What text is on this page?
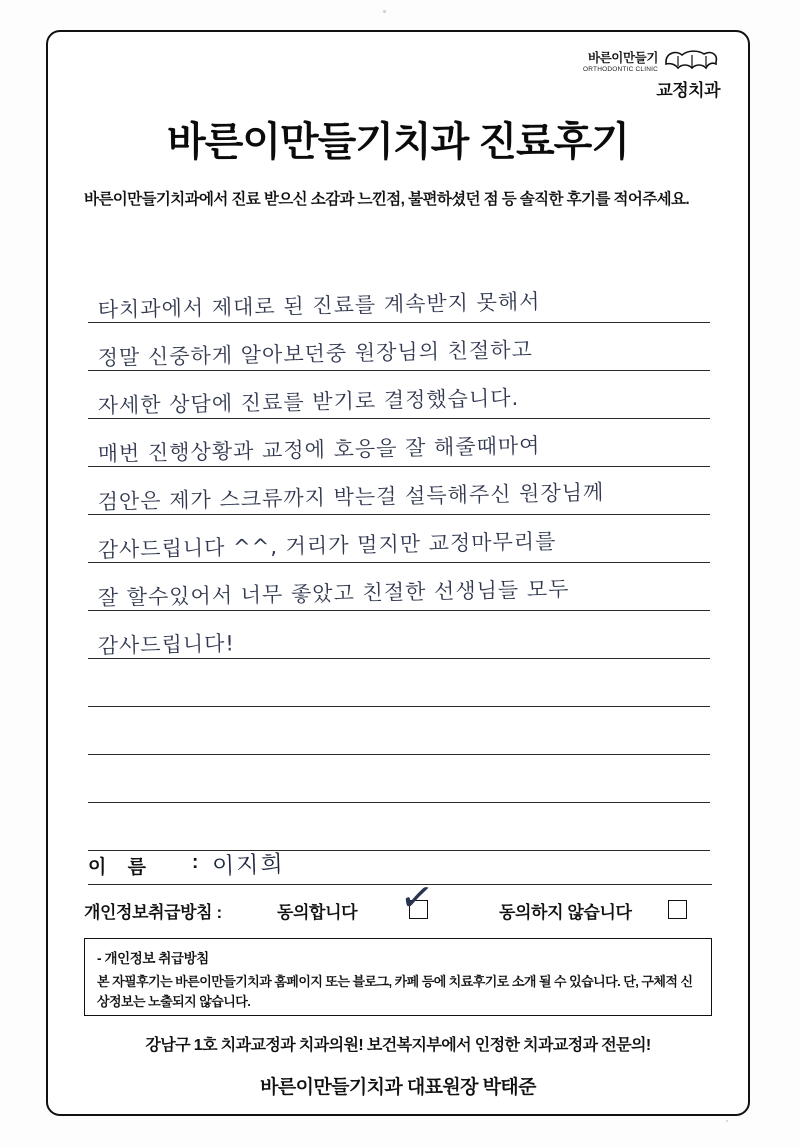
바른이만들기
ORTHODONTIC CLINIC
교정치과
바른이만들기치과 진료후기
바른이만들기치과에서 진료 받으신 소감과 느낀점, 불편하셨던 점 등 솔직한 후기를 적어주세요.
타치과에서 제대로 된 진료를 계속받지 못해서
정말 신중하게 알아보던중 원장님의 친절하고
자세한 상담에 진료를 받기로 결정했습니다.
매번 진행상황과 교정에 호응을 잘 해줄때마여
검안은 제가 스크류까지 박는걸 설득해주신 원장님께
감사드립니다 ^^, 거리가 멀지만 교정마무리를
잘 할수있어서 너무 좋았고 친절한 선생님들 모두
감사드립니다!
이 름 : 이지희
개인정보취급방침 :	동의합니다 ✓	동의하지 않습니다
- 개인정보 취급방침
본 자필후기는 바른이만들기치과 홈페이지 또는 블로그, 카페 등에 치료후기로 소개 될 수 있습니다. 단, 구체적 신상정보는 노출되지 않습니다.
강남구 1호 치과교정과 치과의원! 보건복지부에서 인정한 치과교정과 전문의!
바른이만들기치과 대표원장 박태준
